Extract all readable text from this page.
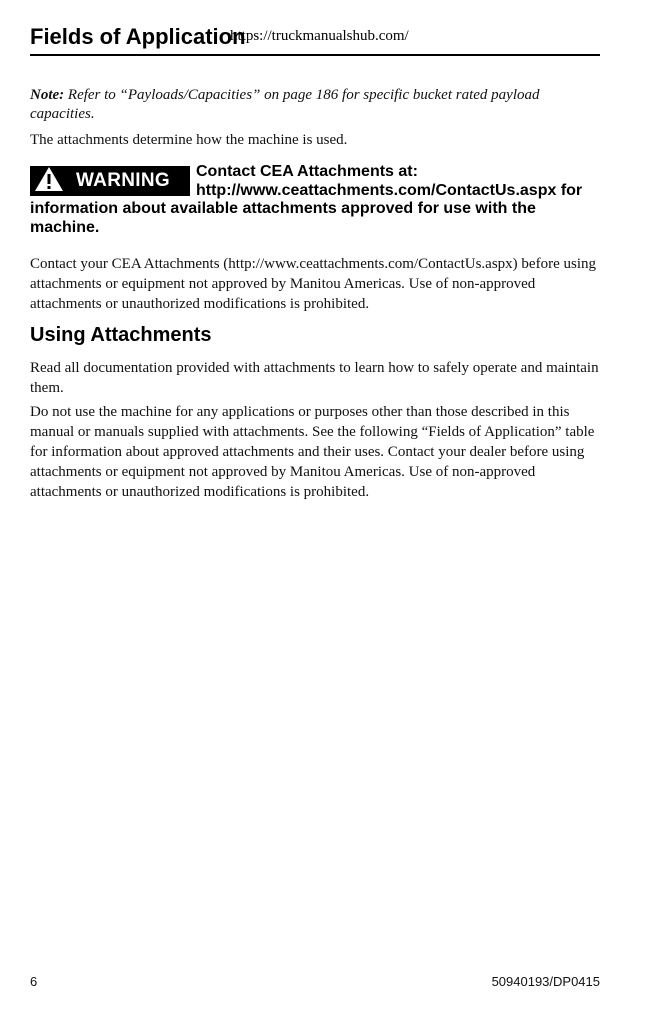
Fields of Application
https://truckmanualshub.com/
Note: Refer to “Payloads/Capacities” on page 186 for specific bucket rated payload capacities.
The attachments determine how the machine is used.
WARNING	Contact CEA Attachments at: http://www.ceattachments.com/ContactUs.aspx for information about available attachments approved for use with the machine.
Contact your CEA Attachments (http://www.ceattachments.com/ContactUs.aspx) before using attachments or equipment not approved by Manitou Americas. Use of non-approved attachments or unauthorized modifications is prohibited.
Using Attachments
Read all documentation provided with attachments to learn how to safely operate and maintain them.
Do not use the machine for any applications or purposes other than those described in this manual or manuals supplied with attachments. See the following “Fields of Application” table for information about approved attachments and their uses. Contact your dealer before using attachments or equipment not approved by Manitou Americas. Use of non-approved attachments or unauthorized modifications is prohibited.
6	50940193/DP0415
